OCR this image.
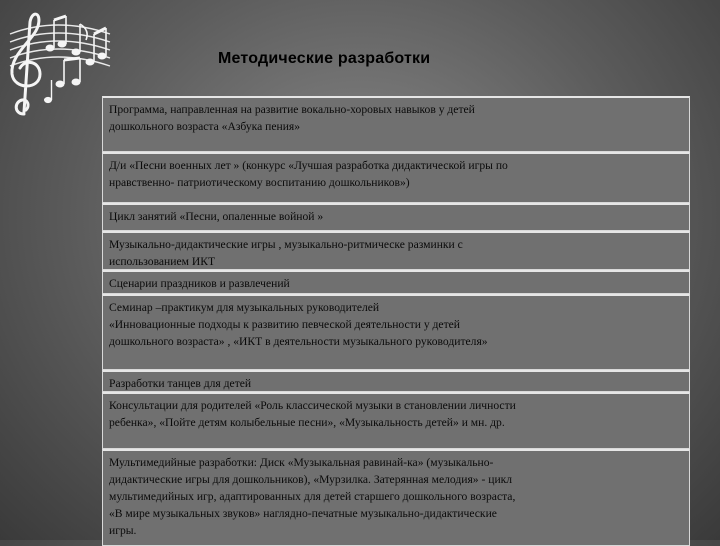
Методические разработки
Программа, направленная на развитие вокально-хоровых навыков у детей
дошкольного возраста «Азбука пения»
Д/и «Песни военных лет » (конкурс «Лучшая разработка дидактической игры по
нравственно- патриотическому воспитанию дошкольников»)
Цикл занятий «Песни, опаленные войной »
Музыкально-дидактические игры , музыкально-ритмическе разминки с
использованием ИКТ
Сценарии праздников и развлечений
Семинар –практикум для музыкальных руководителей
«Инновационные подходы к развитию певческой деятельности у детей
дошкольного возраста» , «ИКТ в деятельности музыкального руководителя»
Разработки танцев для детей
Консультации для родителей «Роль классической музыки в становлении личности
ребенка», «Пойте детям колыбельные песни», «Музыкальность детей» и мн. др.
Мультимедийные разработки: Диск «Музыкальная равинай-ка» (музыкально-
дидактические игры для дошкольников), «Мурзилка. Затерянная мелодия» - цикл
мультимедийных игр, адаптированных для детей старшего дошкольного возраста,
«В мире музыкальных звуков» наглядно-печатные музыкально-дидактические
игры.
